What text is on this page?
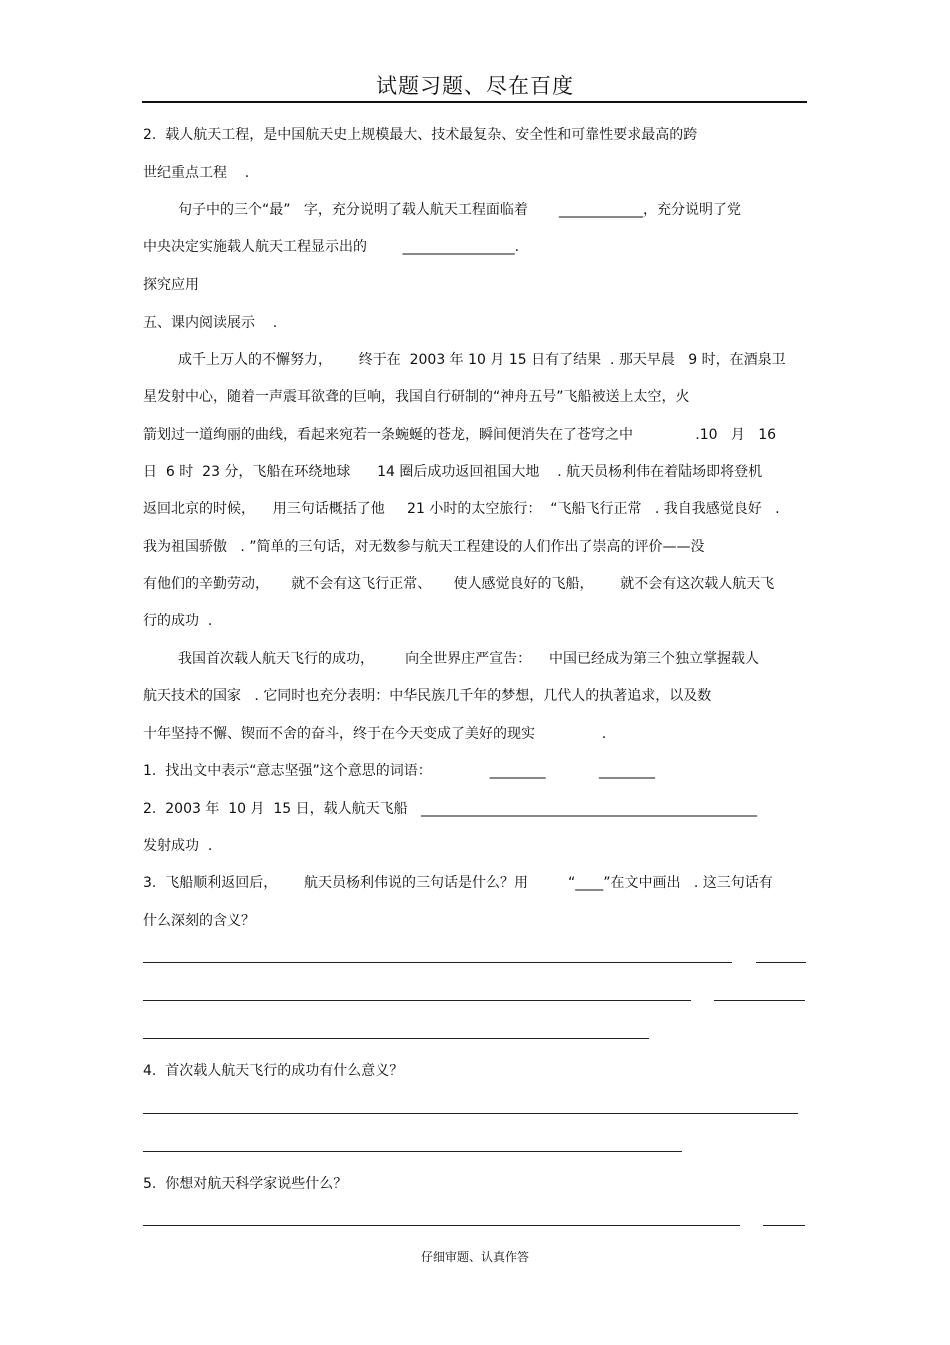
试题习题、尽在百度
2.  载人航天工程，是中国航天史上规模最大、技术最复杂、安全性和可靠性要求最高的跨
世纪重点工程    .
句子中的三个“最”   字，充分说明了载人航天工程面临着       ____________，充分说明了党
中央决定实施载人航天工程显示出的        ________________.
探究应用
五、课内阅读展示    .
成千上万人的不懈努力，      终于在  2003 年 10 月 15 日有了结果  . 那天早晨   9 时，在酒泉卫
星发射中心，随着一声震耳欲聋的巨响，我国自行研制的“神舟五号”飞船被送上太空，火
箭划过一道绚丽的曲线，看起来宛若一条蜿蜒的苍龙，瞬间便消失在了苍穹之中              .10   月   16
日  6 时  23 分，飞船在环绕地球      14 圈后成功返回祖国大地    . 航天员杨利伟在着陆场即将登机
返回北京的时候，    用三句话概括了他     21 小时的太空旅行：  “飞船飞行正常   . 我自我感觉良好   .
我为祖国骄傲   . ”简单的三句话，对无数参与航天工程建设的人们作出了崇高的评价——没
有他们的辛勤劳动，     就不会有这飞行正常、     使人感觉良好的飞船，      就不会有这次载人航天飞
行的成功  .
我国首次载人航天飞行的成功，       向全世界庄严宣告：    中国已经成为第三个独立掌握载人
航天技术的国家   . 它同时也充分表明：中华民族几千年的梦想，几代人的执著追求，以及数
十年坚持不懈、锲而不舍的奋斗，终于在今天变成了美好的现实               .
1.  找出文中表示“意志坚强”这个意思的词语：             ________            ________
2.  2003 年  10 月  15 日，载人航天飞船   ________________________________________________
发射成功  .
3.  飞船顺利返回后，      航天员杨利伟说的三句话是什么？用         “____”在文中画出   . 这三句话有
什么深刻的含义？
4.  首次载人航天飞行的成功有什么意义？
5.  你想对航天科学家说些什么？
仔细审题、认真作答
